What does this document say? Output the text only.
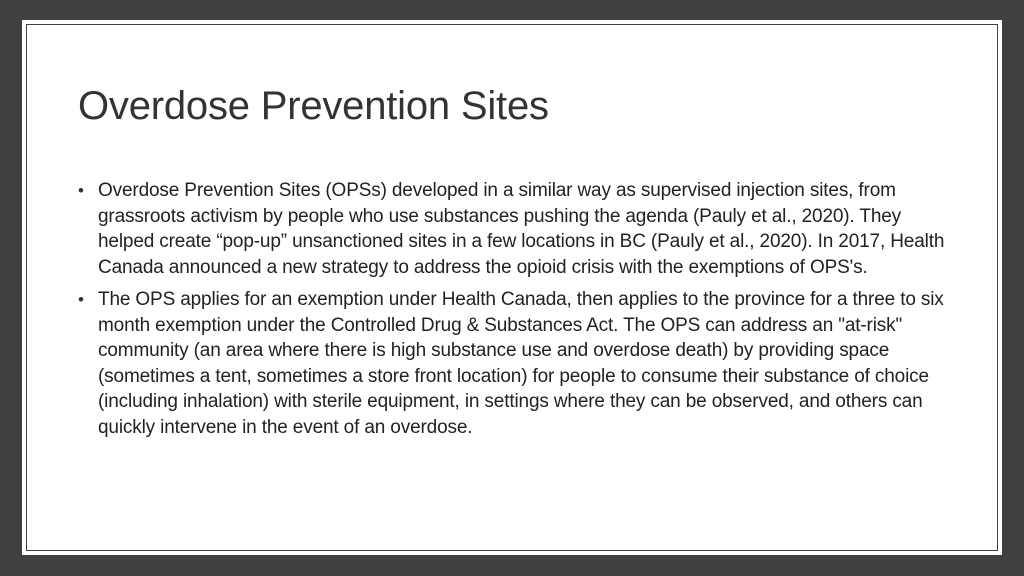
Overdose Prevention Sites
• Overdose Prevention Sites (OPSs) developed in a similar way as supervised injection sites, from grassroots activism by people who use substances pushing the agenda (Pauly et al., 2020). They helped create “pop-up” unsanctioned sites in a few locations in BC (Pauly et al., 2020). In 2017, Health Canada announced a new strategy to address the opioid crisis with the exemptions of OPS's.
• The OPS applies for an exemption under Health Canada, then applies to the province for a three to six month exemption under the Controlled Drug & Substances Act. The OPS can address an "at-risk" community (an area where there is high substance use and overdose death) by providing space (sometimes a tent, sometimes a store front location) for people to consume their substance of choice (including inhalation) with sterile equipment, in settings where they can be observed, and others can quickly intervene in the event of an overdose.
